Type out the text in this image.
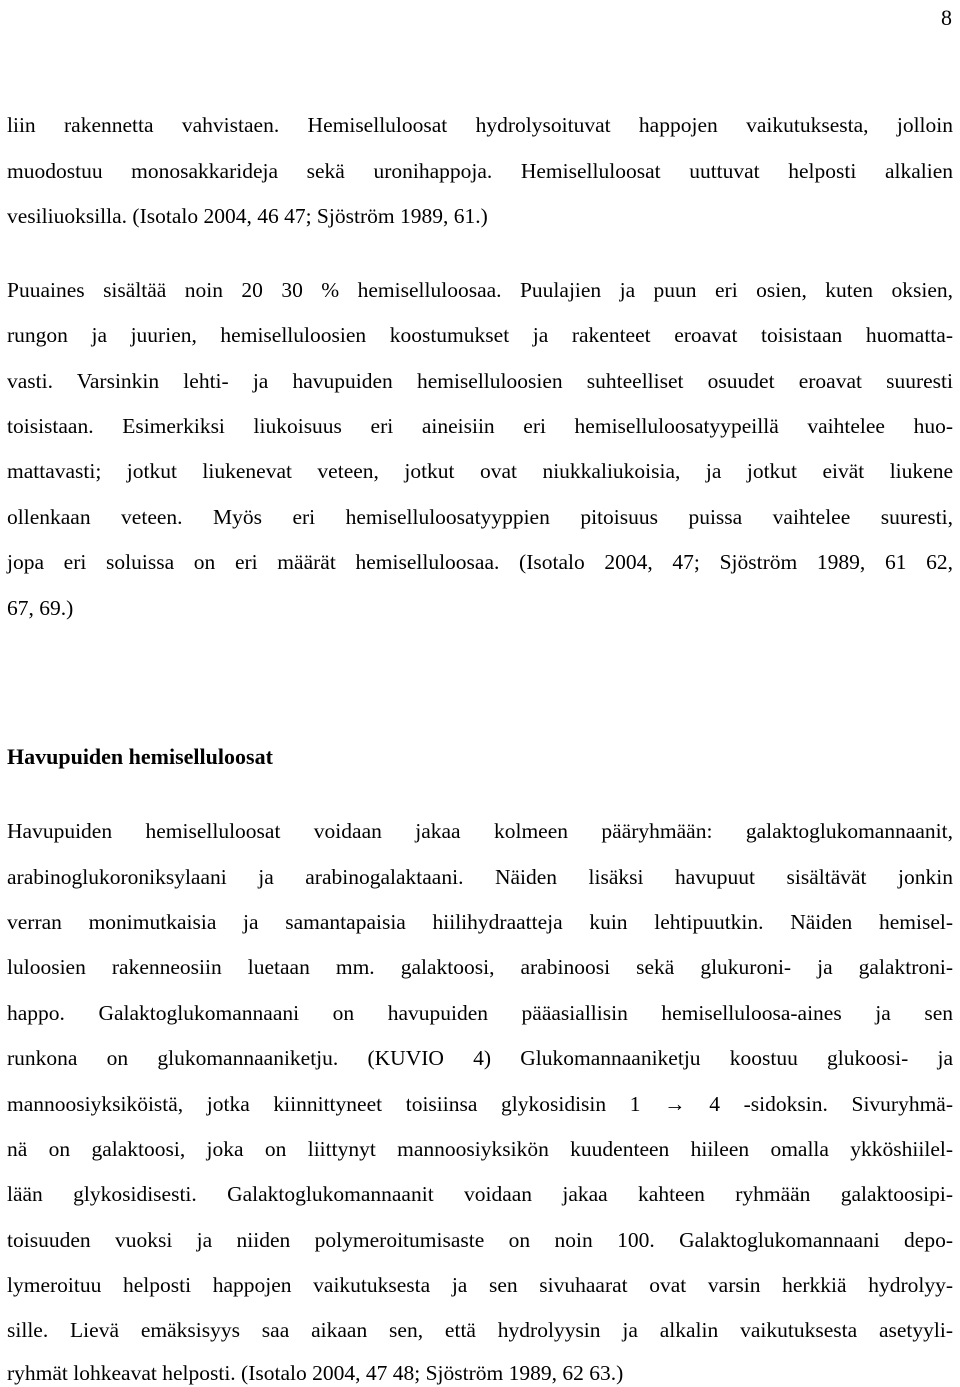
8
liin rakennetta vahvistaen. Hemiselluloosat hydrolysoituvat happojen vaikutuksesta, jolloin
muodostuu monosakkarideja sekä uronihappoja. Hemiselluloosat uuttuvat helposti alkalien
vesiliuoksilla. (Isotalo 2004, 46 47; Sjöström 1989, 61.)
Puuaines sisältää noin 20 30 % hemiselluloosaa. Puulajien ja puun eri osien, kuten oksien,
rungon ja juurien, hemiselluloosien koostumukset ja rakenteet eroavat toisistaan huomatta-
vasti. Varsinkin lehti- ja havupuiden hemiselluloosien suhteelliset osuudet eroavat suuresti
toisistaan. Esimerkiksi liukoisuus eri aineisiin eri hemiselluloosatyypeillä vaihtelee huo-
mattavasti; jotkut liukenevat veteen, jotkut ovat niukkaliukoisia, ja jotkut eivät liukene
ollenkaan veteen. Myös eri hemiselluloosatyyppien pitoisuus puissa vaihtelee suuresti,
jopa eri soluissa on eri määrät hemiselluloosaa. (Isotalo 2004, 47; Sjöström 1989, 61 62,
67, 69.)
Havupuiden hemiselluloosat
Havupuiden hemiselluloosat voidaan jakaa kolmeen pääryhmään: galaktoglukomannaanit,
arabinoglukoroniksylaani ja arabinogalaktaani. Näiden lisäksi havupuut sisältävät jonkin
verran monimutkaisia ja samantapaisia hiilihydraatteja kuin lehtipuutkin. Näiden hemisel-
luloosien rakenneosiin luetaan mm. galaktoosi, arabinoosi sekä glukuroni- ja galaktroni-
happo. Galaktoglukomannaani on havupuiden pääasiallisin hemiselluloosa-aines ja sen
runkona on glukomannaaniketju. (KUVIO 4) Glukomannaaniketju koostuu glukoosi- ja
mannoosiyksiköistä, jotka kiinnittyneet toisiinsa glykosidisin 1 → 4 -sidoksin. Sivuryhmä-
nä on galaktoosi, joka on liittynyt mannoosiyksikön kuudenteen hiileen omalla ykköshiilel-
lään glykosidisesti. Galaktoglukomannaanit voidaan jakaa kahteen ryhmään galaktoosipi-
toisuuden vuoksi ja niiden polymeroitumisaste on noin 100. Galaktoglukomannaani depo-
lymeroituu helposti happojen vaikutuksesta ja sen sivuhaarat ovat varsin herkkiä hydrolyy-
sille. Lievä emäksisyys saa aikaan sen, että hydrolyysin ja alkalin vaikutuksesta asetyyli-
ryhmät lohkeavat helposti. (Isotalo 2004, 47 48; Sjöström 1989, 62 63.)
